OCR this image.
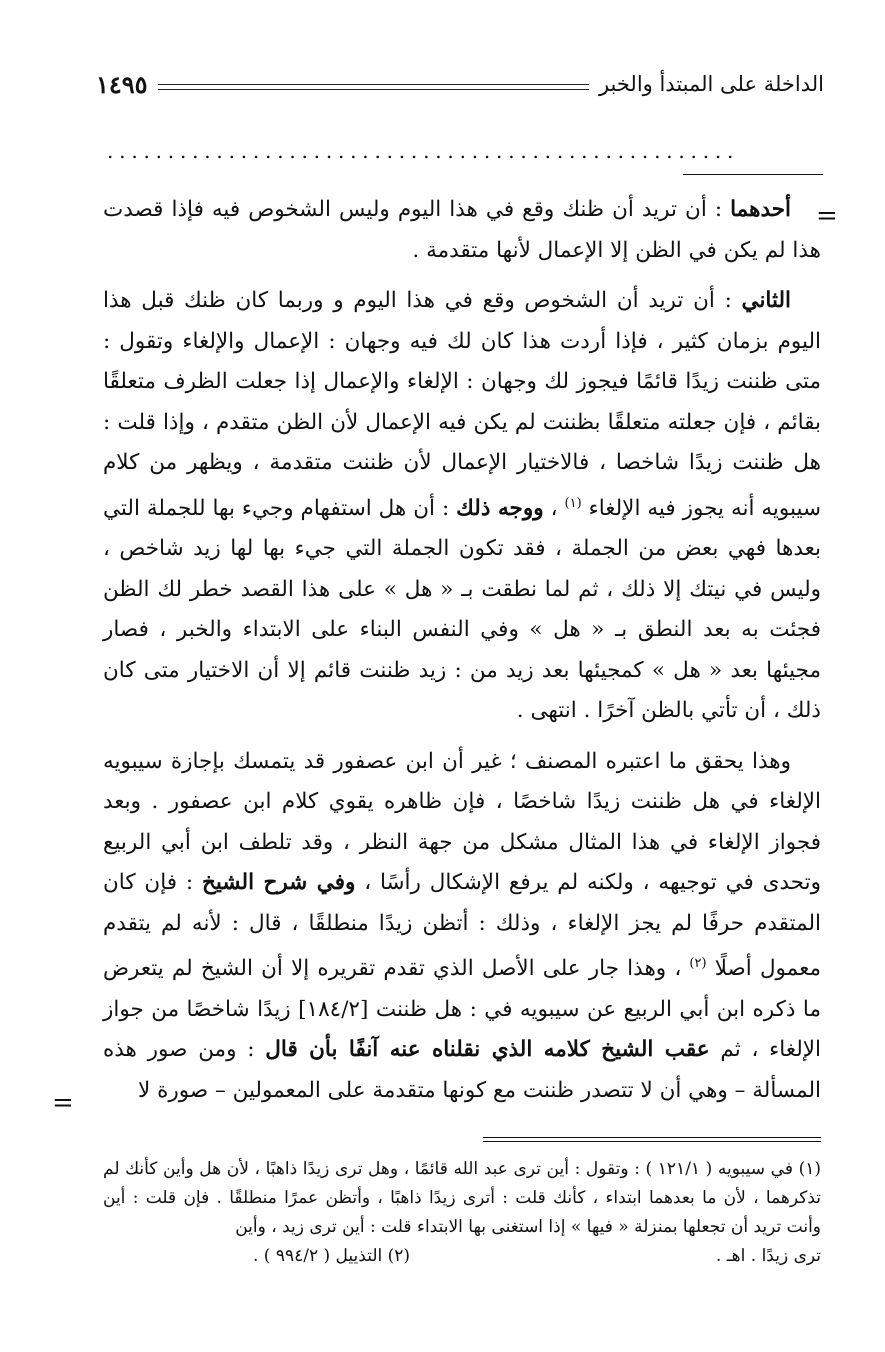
الداخلة على المبتدأ والخبر
١٤٩٥
....................................................
=
=

أحدهما : أن تريد أن ظنك وقع في هذا اليوم وليس الشخوص فيه فإذا قصدت هذا لم يكن في الظن إلا الإعمال لأنها متقدمة .

الثاني : أن تريد أن الشخوص وقع في هذا اليوم و وربما كان ظنك قبل هذا اليوم بزمان كثير ، فإذا أردت هذا كان لك فيه وجهان : الإعمال والإلغاء وتقول : متى ظننت زيدًا قائمًا فيجوز لك وجهان : الإلغاء والإعمال إذا جعلت الظرف متعلقًا بقائم ، فإن جعلته متعلقًا بظننت لم يكن فيه الإعمال لأن الظن متقدم ، وإذا قلت : هل ظننت زيدًا شاخصا ، فالاختيار الإعمال لأن ظننت متقدمة ، ويظهر من كلام سيبويه أنه يجوز فيه الإلغاء $^{(١)}$ ، ووجه ذلك : أن هل استفهام وجيء بها للجملة التي بعدها فهي بعض من الجملة ، فقد تكون الجملة التي جيء بها لها زيد شاخص ، وليس في نيتك إلا ذلك ، ثم لما نطقت بـ « هل » على هذا القصد خطر لك الظن فجئت به بعد النطق بـ « هل » وفي النفس البناء على الابتداء والخبر ، فصار مجيئها بعد « هل » كمجيئها بعد زيد من : زيد ظننت قائم إلا أن الاختيار متى كان ذلك ، أن تأتي بالظن آخرًا . انتهى .

وهذا يحقق ما اعتبره المصنف ؛ غير أن ابن عصفور قد يتمسك بإجازة سيبويه الإلغاء في هل ظننت زيدًا شاخصًا ، فإن ظاهره يقوي كلام ابن عصفور . وبعد فجواز الإلغاء في هذا المثال مشكل من جهة النظر ، وقد تلطف ابن أبي الربيع وتحدى في توجيهه ، ولكنه لم يرفع الإشكال رأسًا ، وفي شرح الشيخ : فإن كان المتقدم حرفًا لم يجز الإلغاء ، وذلك : أتظن زيدًا منطلقًا ، قال : لأنه لم يتقدم معمول أصلًا $^{(٢)}$ ، وهذا جار على الأصل الذي تقدم تقريره إلا أن الشيخ لم يتعرض ما ذكره ابن أبي الربيع عن سيبويه في : هل ظننت [١٨٤/٢] زيدًا شاخصًا من جواز الإلغاء ، ثم عقب الشيخ كلامه الذي نقلناه عنه آنفًا بأن قال : ومن صور هذه المسألة – وهي أن لا تتصدر ظننت مع كونها متقدمة على المعمولين – صورة لا

(١) في سيبويه ( ١٢١/١ ) : وتقول : أين ترى عبد الله قائمًا ، وهل ترى زيدًا ذاهبًا ، لأن هل وأين كأنك لم تذكرهما ، لأن ما بعدهما ابتداء ، كأنك قلت : أترى زيدًا ذاهبًا ، وأتظن عمرًا منطلقًا . فإن قلت : أين وأنت تريد أن تجعلها بمنزلة « فيها » إذا استغنى بها الابتداء قلت : أين ترى زيد ، وأين

ترى زيدًا . اهـ .
(٢) التذييل ( ٩٩٤/٢ ) .
